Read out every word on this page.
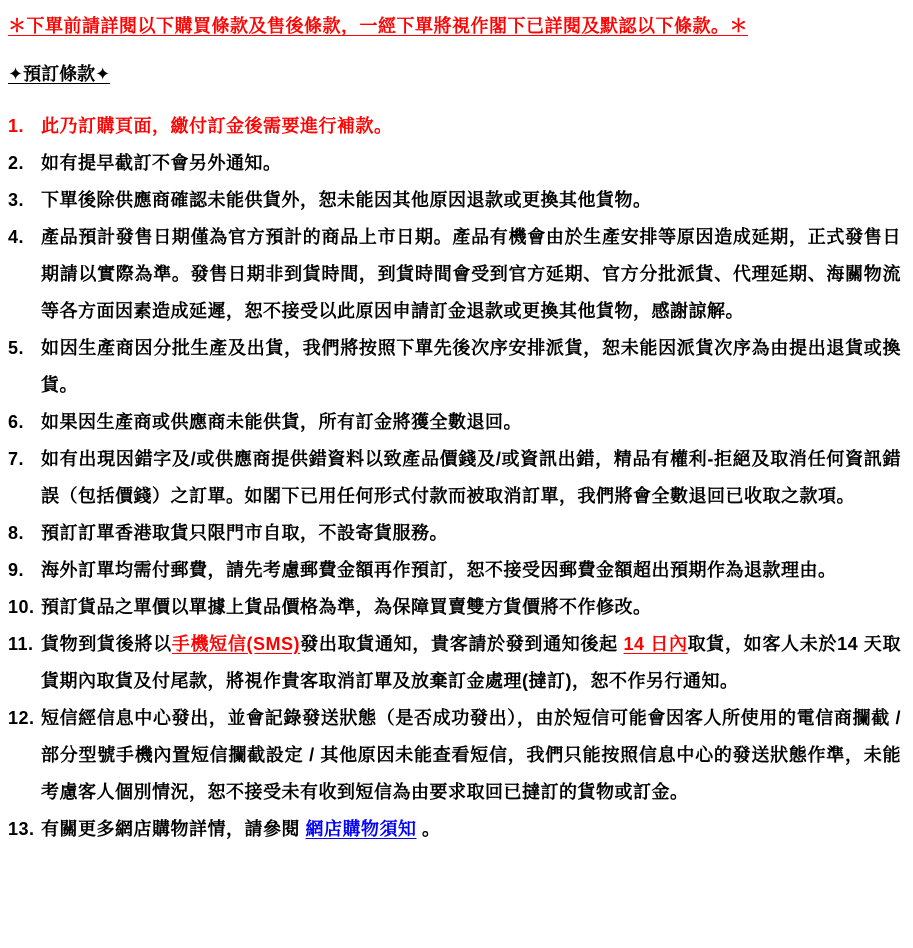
＊下單前請詳閱以下購買條款及售後條款，一經下單將視作閣下已詳閱及默認以下條款。＊
✦預訂條款✦
1. 此乃訂購頁面，繳付訂金後需要進行補款。
2. 如有提早截訂不會另外通知。
3. 下單後除供應商確認未能供貨外，恕未能因其他原因退款或更換其他貨物。
4. 產品預計發售日期僅為官方預計的商品上市日期。產品有機會由於生產安排等原因造成延期，正式發售日期請以實際為準。發售日期非到貨時間，到貨時間會受到官方延期、官方分批派貨、代理延期、海關物流等各方面因素造成延遲，恕不接受以此原因申請訂金退款或更換其他貨物，感謝諒解。
5. 如因生產商因分批生產及出貨，我們將按照下單先後次序安排派貨，恕未能因派貨次序為由提出退貨或換貨。
6. 如果因生產商或供應商未能供貨，所有訂金將獲全數退回。
7. 如有出現因錯字及/或供應商提供錯資料以致產品價錢及/或資訊出錯，精品有權利-拒絕及取消任何資訊錯誤（包括價錢）之訂單。如閣下已用任何形式付款而被取消訂單，我們將會全數退回已收取之款項。
8. 預訂訂單香港取貨只限門市自取，不設寄貨服務。
9. 海外訂單均需付郵費，請先考慮郵費金額再作預訂，恕不接受因郵費金額超出預期作為退款理由。
10. 預訂貨品之單價以單據上貨品價格為準，為保障買賣雙方貨價將不作修改。
11. 貨物到貨後將以手機短信(SMS)發出取貨通知，貴客請於發到通知後起 14 日內取貨，如客人未於14 天取貨期內取貨及付尾款，將視作貴客取消訂單及放棄訂金處理(撻訂)，恕不作另行通知。
12. 短信經信息中心發出，並會記錄發送狀態（是否成功發出），由於短信可能會因客人所使用的電信商攔截 / 部分型號手機內置短信攔截設定 / 其他原因未能查看短信，我們只能按照信息中心的發送狀態作準，未能考慮客人個別情況，恕不接受未有收到短信為由要求取回已撻訂的貨物或訂金。
13. 有關更多網店購物詳情，請參閱 網店購物須知 。
